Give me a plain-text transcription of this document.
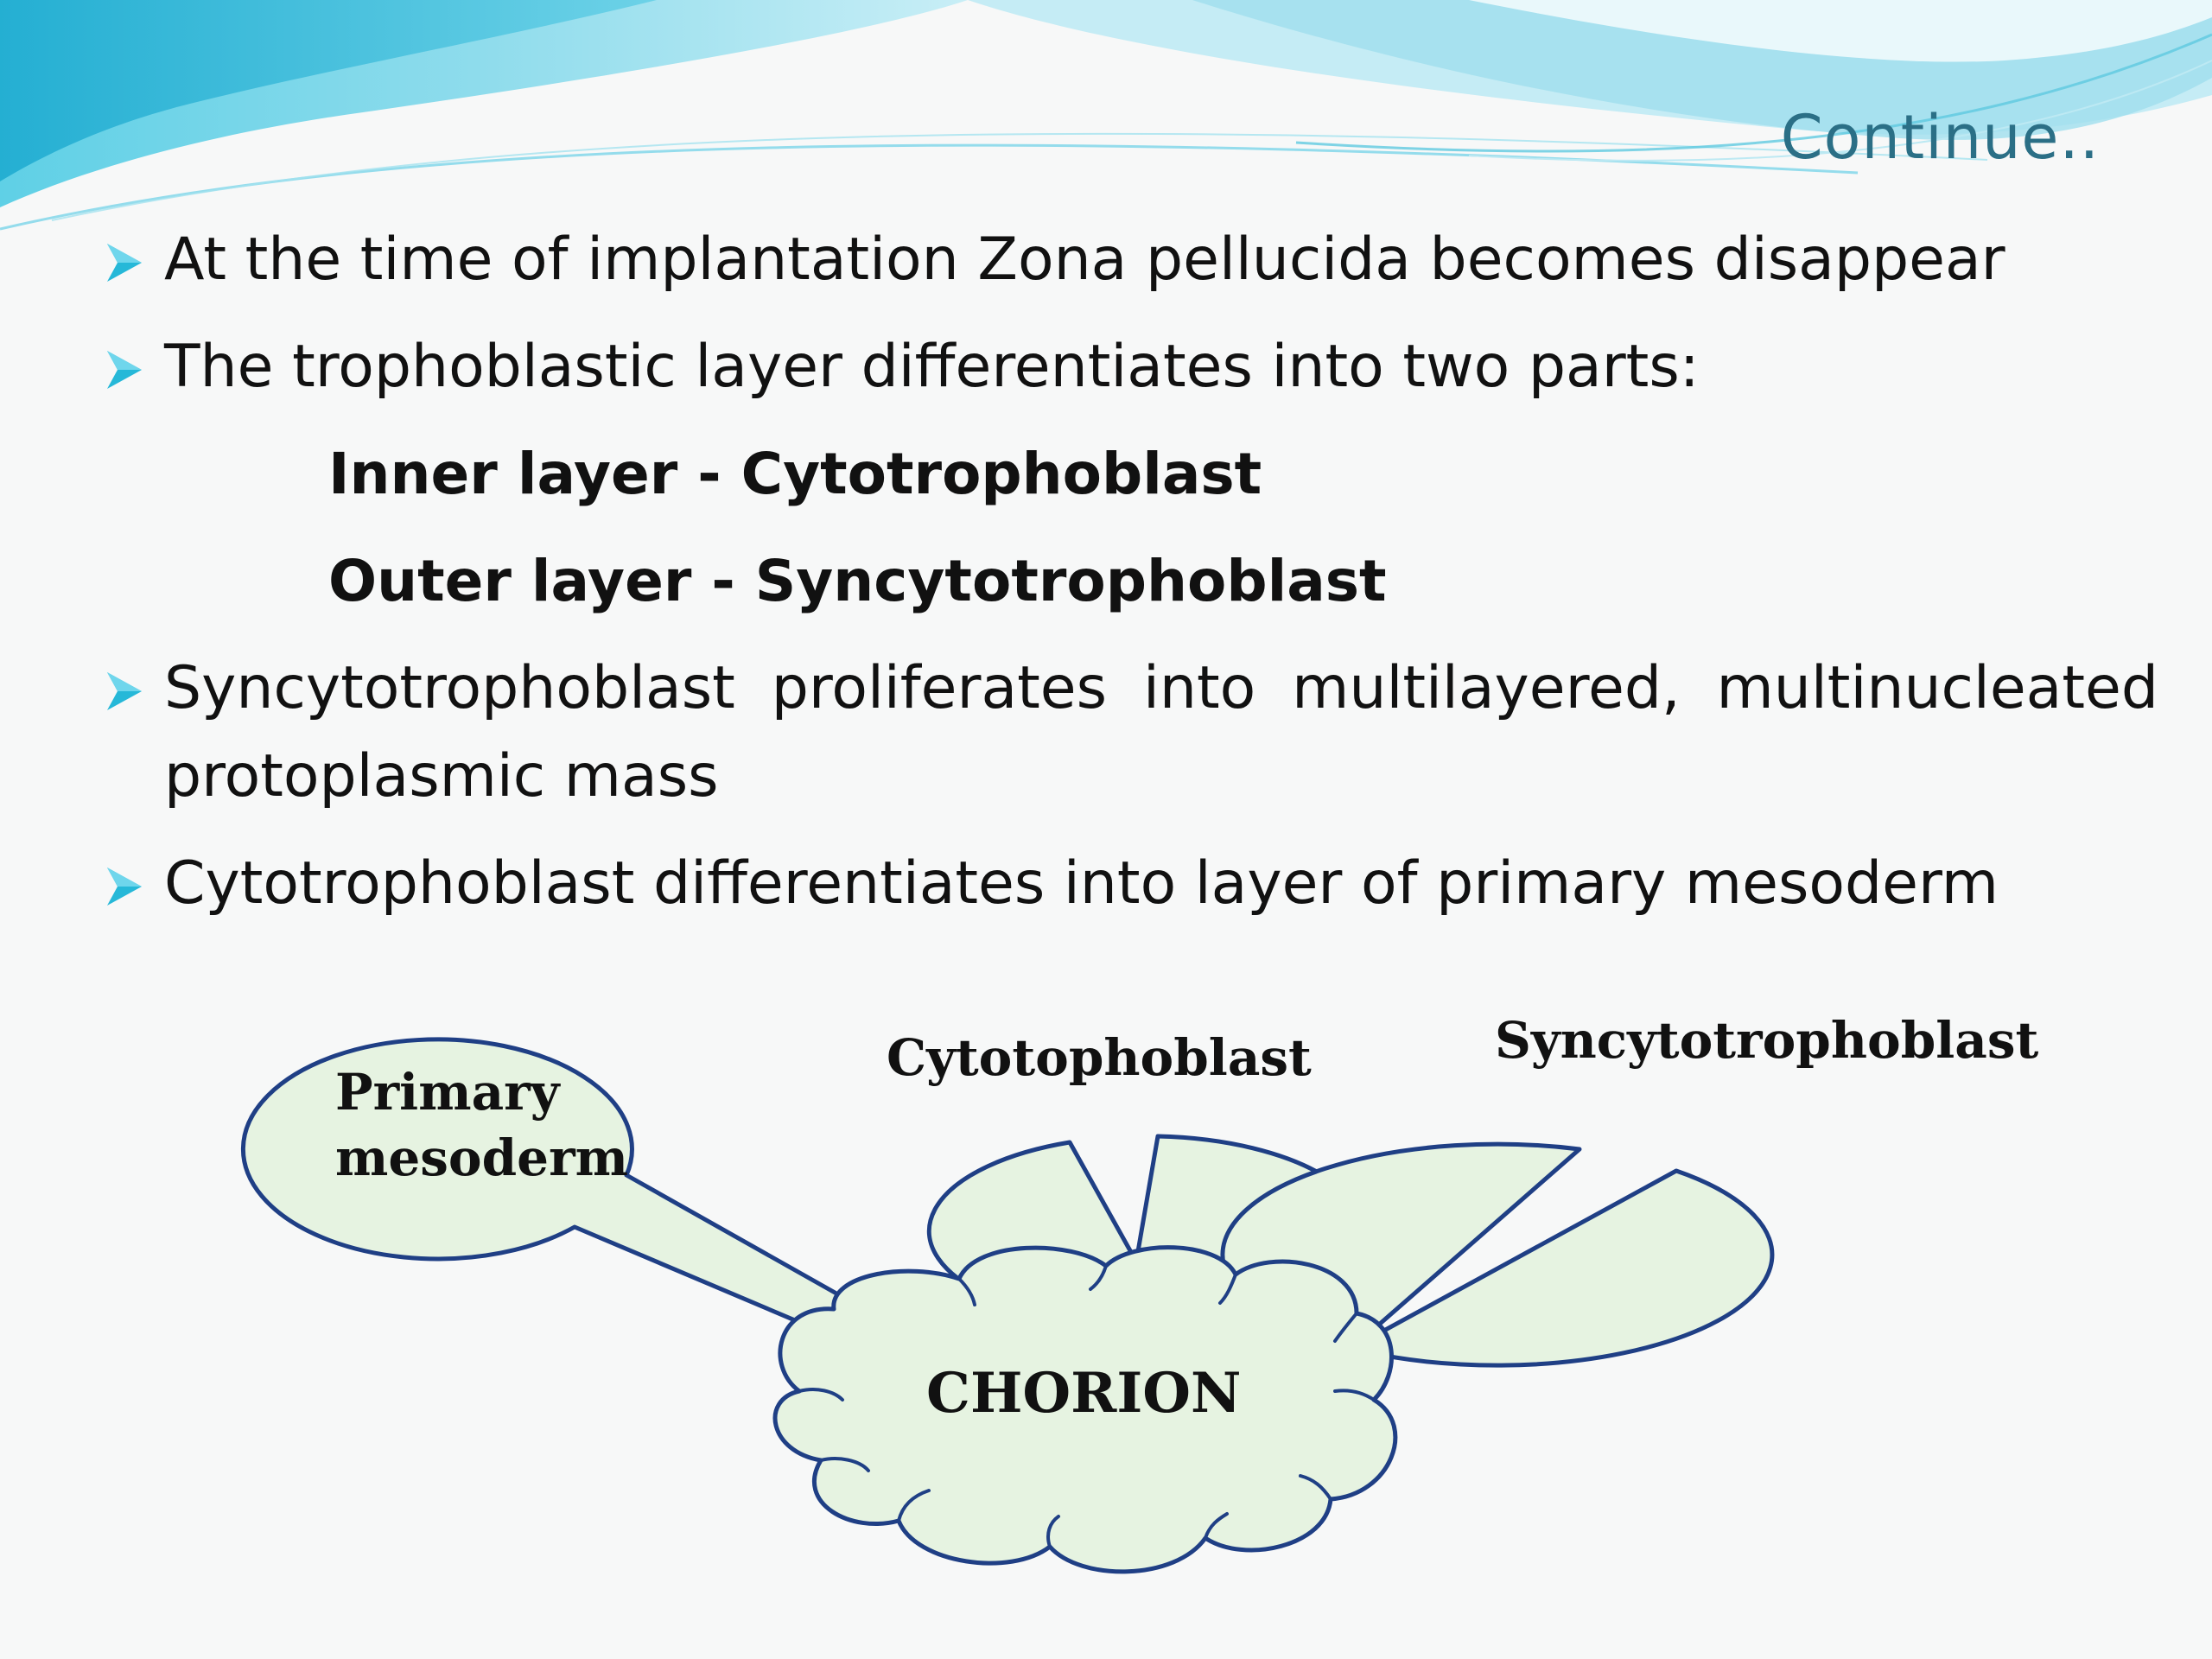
Continue..
At the time of implantation Zona pellucida becomes disappear
The trophoblastic layer differentiates into two parts:
Inner layer - Cytotrophoblast
Outer layer - Syncytotrophoblast
Syncytotrophoblast proliferates into multilayered, multinucleated protoplasmic mass
Cytotrophoblast differentiates into layer of primary mesoderm
Primary
mesoderm
Cytotophoblast	Syncytotrophoblast
CHORION
